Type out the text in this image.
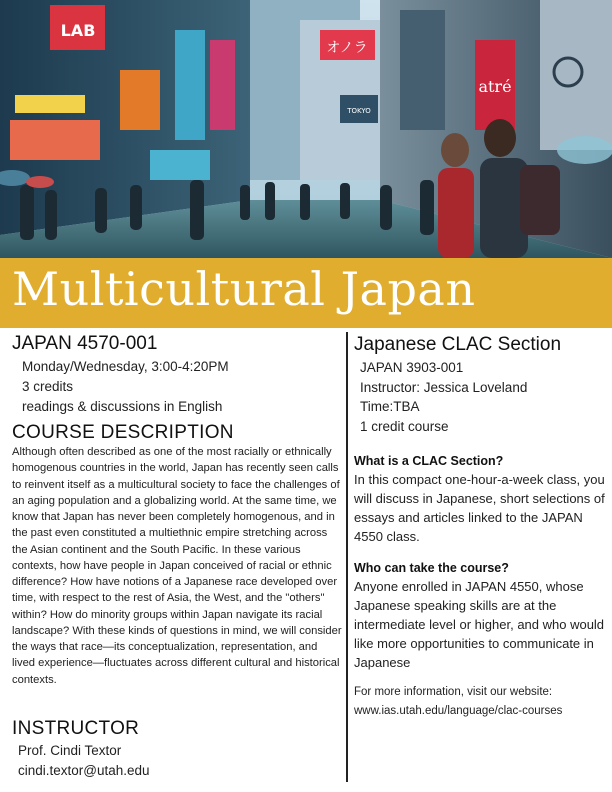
オノラ
TOKYO
LAB
atré
Multicultural Japan
JAPAN 4570-001
Monday/Wednesday, 3:00-4:20PM
3 credits
readings & discussions in English
COURSE DESCRIPTION
Although often described as one of the most racially or ethnically homogenous countries in the world, Japan has recently seen calls to reinvent itself as a multicultural society to face the challenges of an aging population and a globalizing world. At the same time, we know that Japan has never been completely homogenous, and in the past even constituted a multiethnic empire stretching across the Asian continent and the South Pacific. In these various contexts, how have people in Japan conceived of racial or ethnic difference? How have notions of a Japanese race developed over time, with respect to the rest of Asia, the West, and the "others" within? How do minority groups within Japan navigate its racial landscape? With these kinds of questions in mind, we will consider the ways that race—its conceptualization, representation, and lived experience—fluctuates across different cultural and historical contexts.
INSTRUCTOR
Prof. Cindi Textor
cindi.textor@utah.edu
Japanese CLAC Section
JAPAN 3903-001
Instructor: Jessica Loveland
Time:TBA
1 credit course
What is a CLAC Section?
In this compact one-hour-a-week class, you will discuss in Japanese, short selections of essays and articles linked to the JAPAN 4550 class.
Who can take the course?
Anyone enrolled in JAPAN 4550, whose Japanese speaking skills are at the intermediate level or higher, and who would like more opportunities to communicate in Japanese
For more information, visit our website:
www.ias.utah.edu/language/clac-courses
